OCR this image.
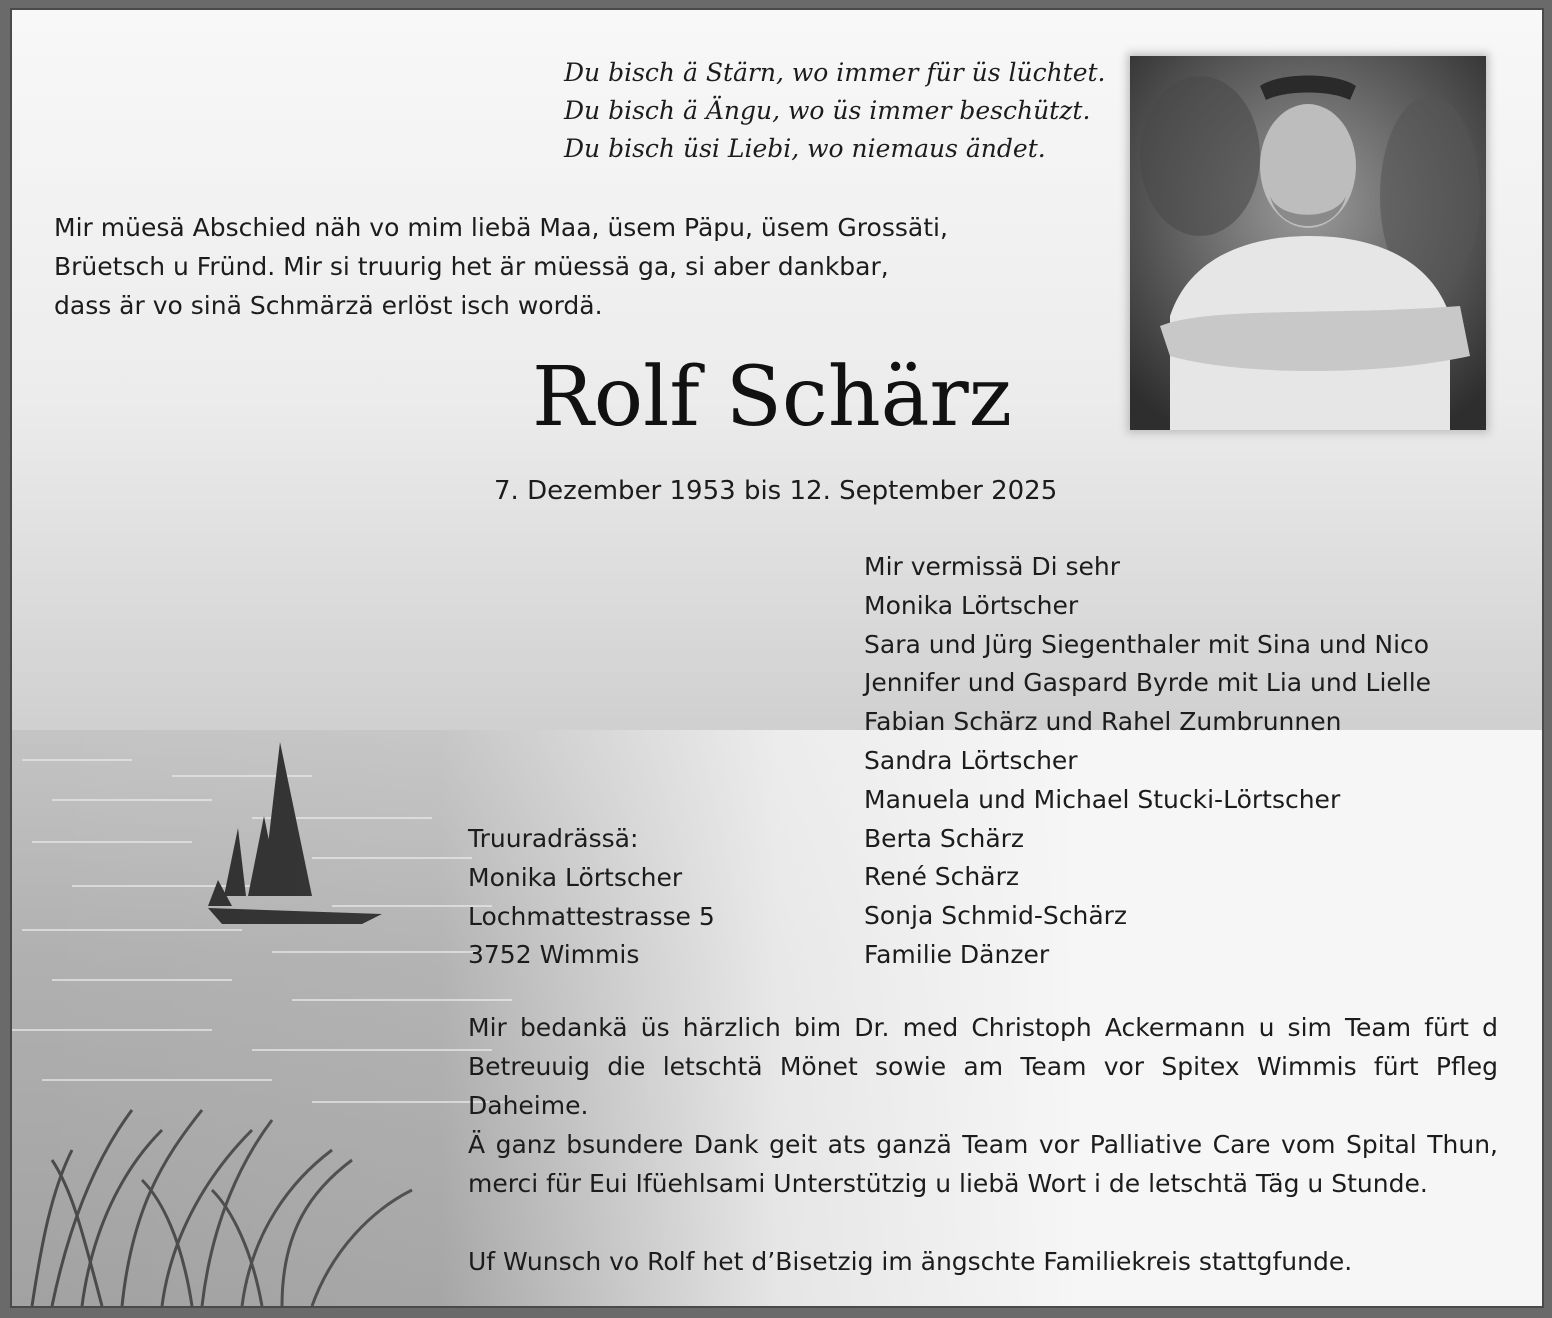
Du bisch ä Stärn, wo immer für üs lüchtet.
Du bisch ä Ängu, wo üs immer beschützt.
Du bisch üsi Liebi, wo niemaus ändet.
Mir müesä Abschied näh vo mim liebä Maa, üsem Päpu, üsem Grossäti,
Brüetsch u Fründ. Mir si truurig het är müessä ga, si aber dankbar,
dass är vo sinä Schmärzä erlöst isch wordä.
Rolf Schärz
7. Dezember 1953 bis 12. September 2025
Mir vermissä Di sehr
Monika Lörtscher
Sara und Jürg Siegenthaler mit Sina und Nico
Jennifer und Gaspard Byrde mit Lia und Lielle
Fabian Schärz und Rahel Zumbrunnen
Sandra Lörtscher
Manuela und Michael Stucki-Lörtscher
Berta Schärz
René Schärz
Sonja Schmid-Schärz
Familie Dänzer
Truuradrässä:
Monika Lörtscher
Lochmattestrasse 5
3752 Wimmis

Mir bedankä üs härzlich bim Dr. med Christoph Ackermann u sim Team fürt d Betreuuig die letschtä Mönet sowie am Team vor Spitex Wimmis fürt Pfleg Daheime.

Ä ganz bsundere Dank geit ats ganzä Team vor Palliative Care vom Spital Thun, merci für Eui Ifüehlsami Unterstützig u liebä Wort i de letschtä Täg u Stunde.

Uf Wunsch vo Rolf het d’Bisetzig im ängschte Familiekreis stattgfunde.
